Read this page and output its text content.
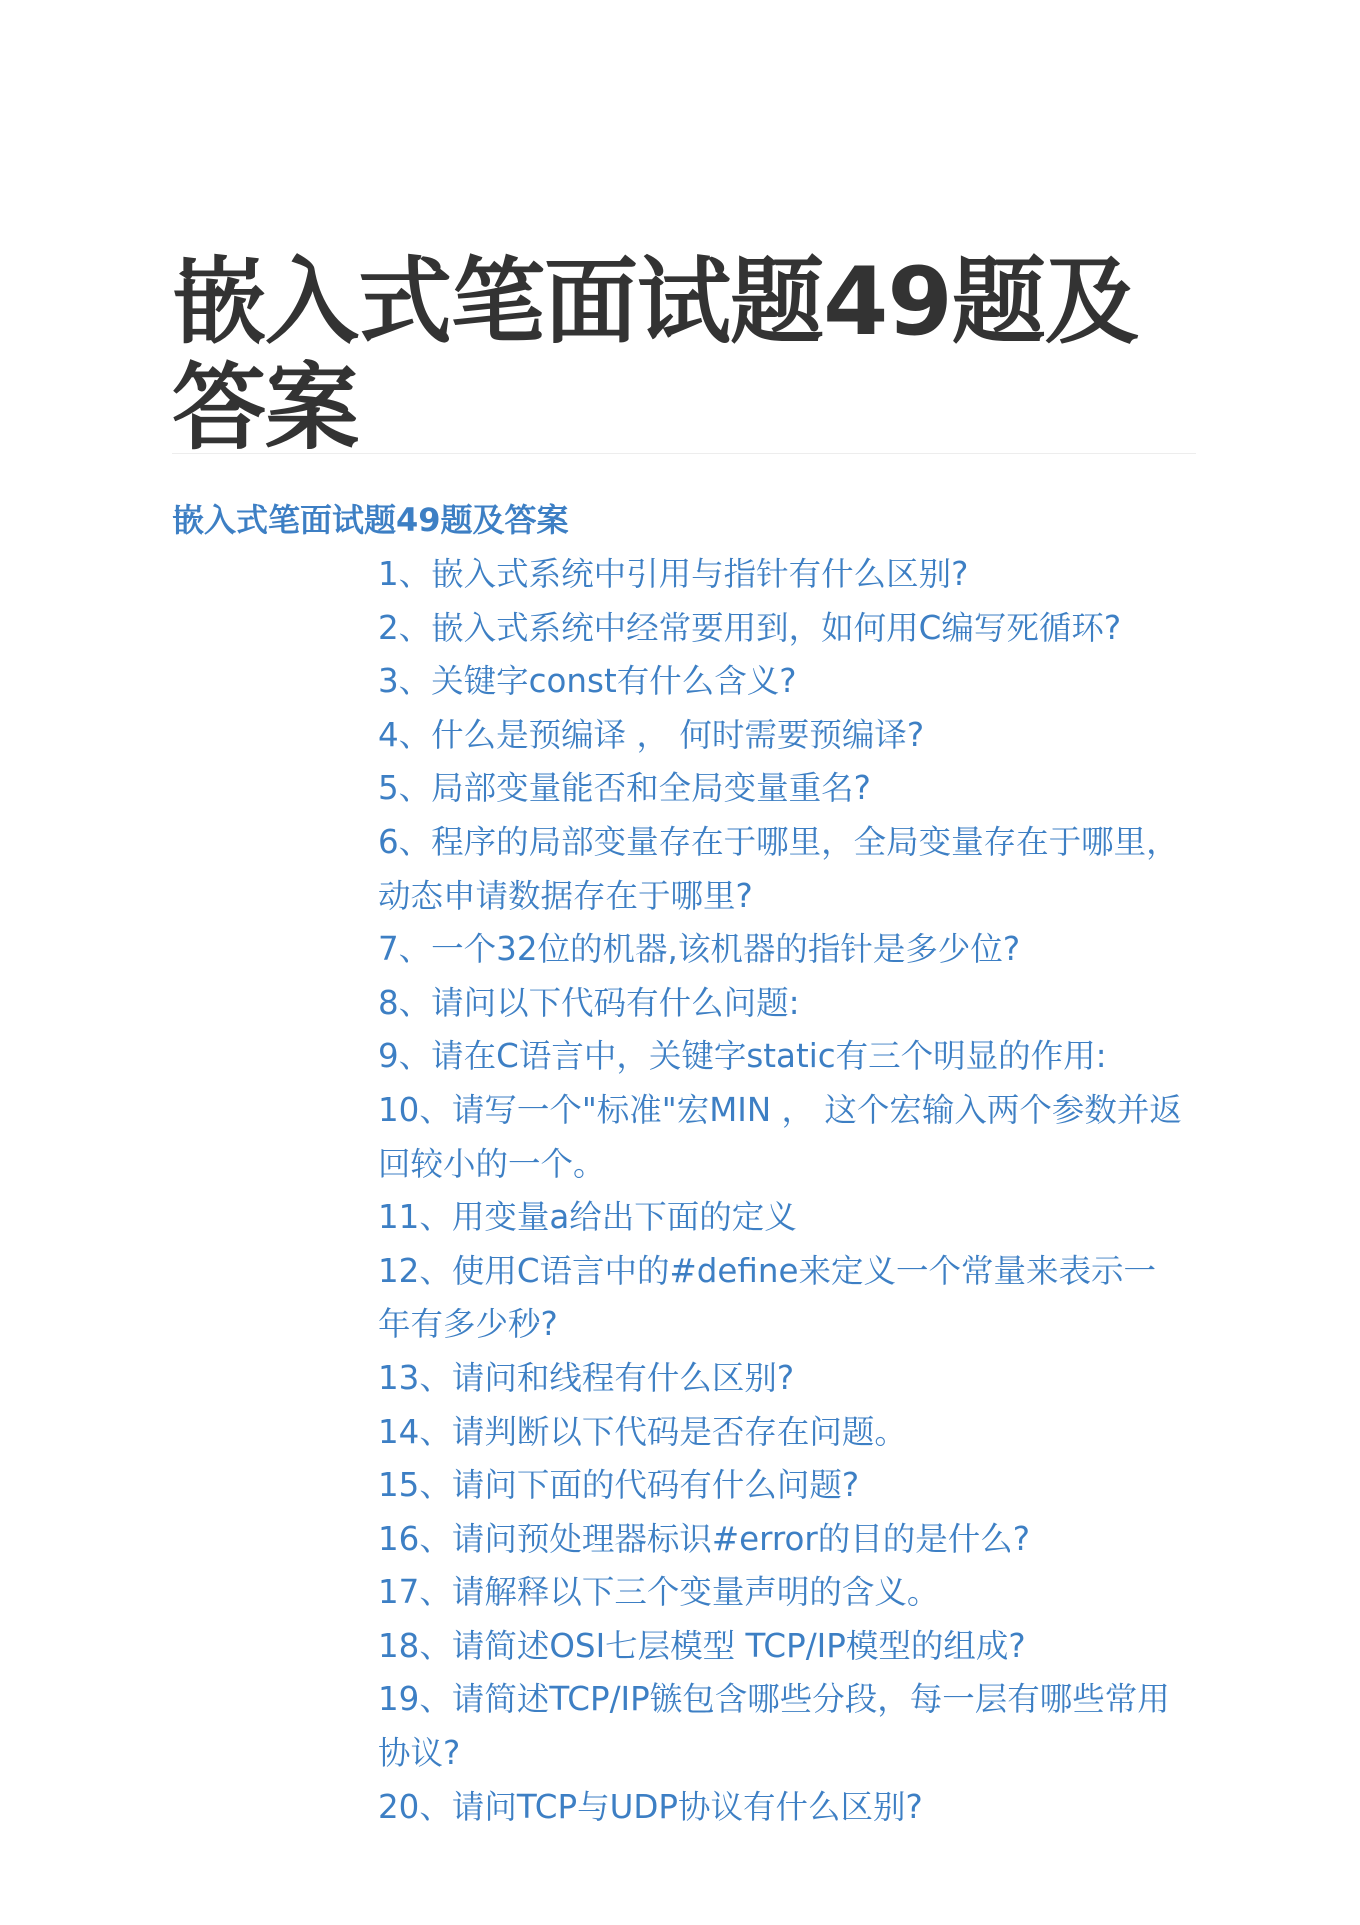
嵌入式笔面试题49题及答案
嵌入式笔面试题49题及答案
1、嵌入式系统中引用与指针有什么区别?
2、嵌入式系统中经常要用到，如何用C编写死循环?
3、关键字const有什么含义?
4、什么是预编译 ， 何时需要预编译?
5、局部变量能否和全局变量重名?
6、程序的局部变量存在于哪里，全局变量存在于哪里，动态申请数据存在于哪里?
7、一个32位的机器,该机器的指针是多少位?
8、请问以下代码有什么问题:
9、请在C语言中，关键字static有三个明显的作用:
10、请写一个"标准"宏MIN ， 这个宏输入两个参数并返回较小的一个。
11、用变量a给出下面的定义
12、使用C语言中的#define来定义一个常量来表示一年有多少秒?
13、请问和线程有什么区别?
14、请判断以下代码是否存在问题。
15、请问下面的代码有什么问题?
16、请问预处理器标识#error的目的是什么?
17、请解释以下三个变量声明的含义。
18、请简述OSI七层模型 TCP/IP模型的组成?
19、请简述TCP/IP镞包含哪些分段，每一层有哪些常用协议?
20、请问TCP与UDP协议有什么区别?
